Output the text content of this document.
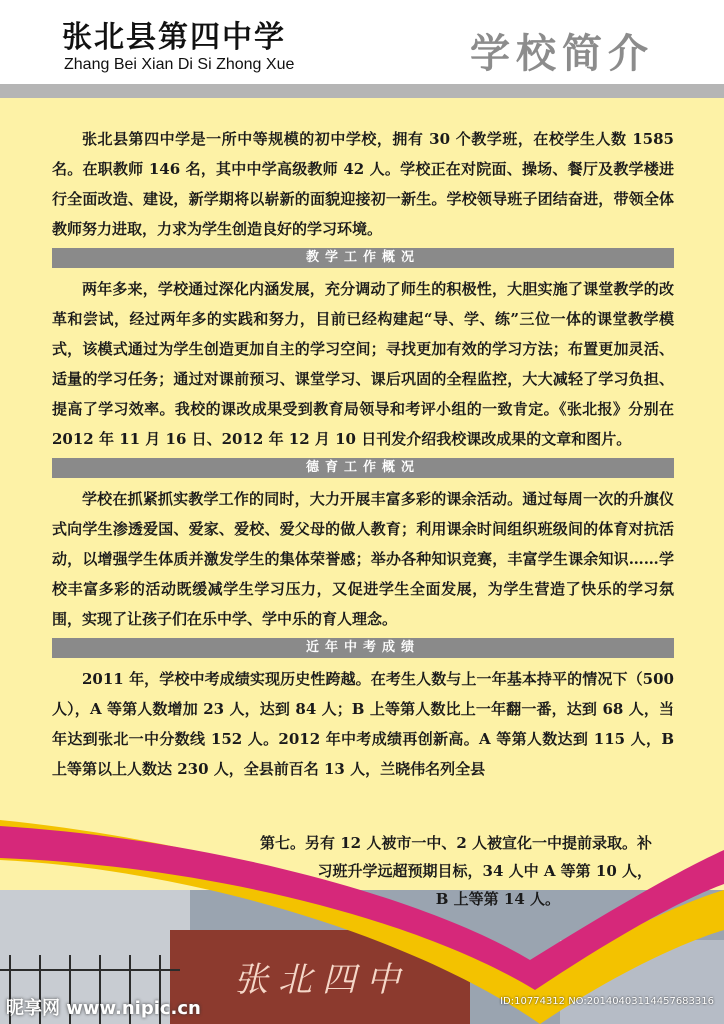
张北县第四中学
Zhang Bei Xian Di Si Zhong Xue	学校简介

张北县第四中学是一所中等规模的初中学校，拥有 30 个教学班，在校学生人数 1585 名。在职教师 146 名，其中中学高级教师 42 人。学校正在对院面、操场、餐厅及教学楼进行全面改造、建设，新学期将以崭新的面貌迎接初一新生。学校领导班子团结奋进，带领全体教师努力进取，力求为学生创造良好的学习环境。

教学工作概况

两年多来，学校通过深化内涵发展，充分调动了师生的积极性，大胆实施了课堂教学的改革和尝试，经过两年多的实践和努力，目前已经构建起“导、学、练”三位一体的课堂教学模式，该模式通过为学生创造更加自主的学习空间；寻找更加有效的学习方法；布置更加灵活、适量的学习任务；通过对课前预习、课堂学习、课后巩固的全程监控，大大减轻了学习负担、提高了学习效率。我校的课改成果受到教育局领导和考评小组的一致肯定。《张北报》分别在 2012 年 11 月 16 日、2012 年 12 月 10 日刊发介绍我校课改成果的文章和图片。

德育工作概况

学校在抓紧抓实教学工作的同时，大力开展丰富多彩的课余活动。通过每周一次的升旗仪式向学生渗透爱国、爱家、爱校、爱父母的做人教育；利用课余时间组织班级间的体育对抗活动，以增强学生体质并激发学生的集体荣誉感；举办各种知识竞赛，丰富学生课余知识……学校丰富多彩的活动既缓减学生学习压力，又促进学生全面发展，为学生营造了快乐的学习氛围，实现了让孩子们在乐中学、学中乐的育人理念。

近年中考成绩

2011 年，学校中考成绩实现历史性跨越。在考生人数与上一年基本持平的情况下（500 人），A 等第人数增加 23 人，达到 84 人；B 上等第人数比上一年翻一番，达到 68 人，当年达到张北一中分数线 152 人。2012 年中考成绩再创新高。A 等第人数达到 115 人，B 上等第以上人数达 230 人，全县前百名 13 人，兰晓伟名列全县

张北四中
第七。另有 12 人被市一中、2 人被宣化一中提前录取。补
习班升学远超预期目标，34 人中 A 等第 10 人，
B 上等第 14 人。
昵享网 www.nipic.cn	ID:10774312 NO:20140403114457683316
